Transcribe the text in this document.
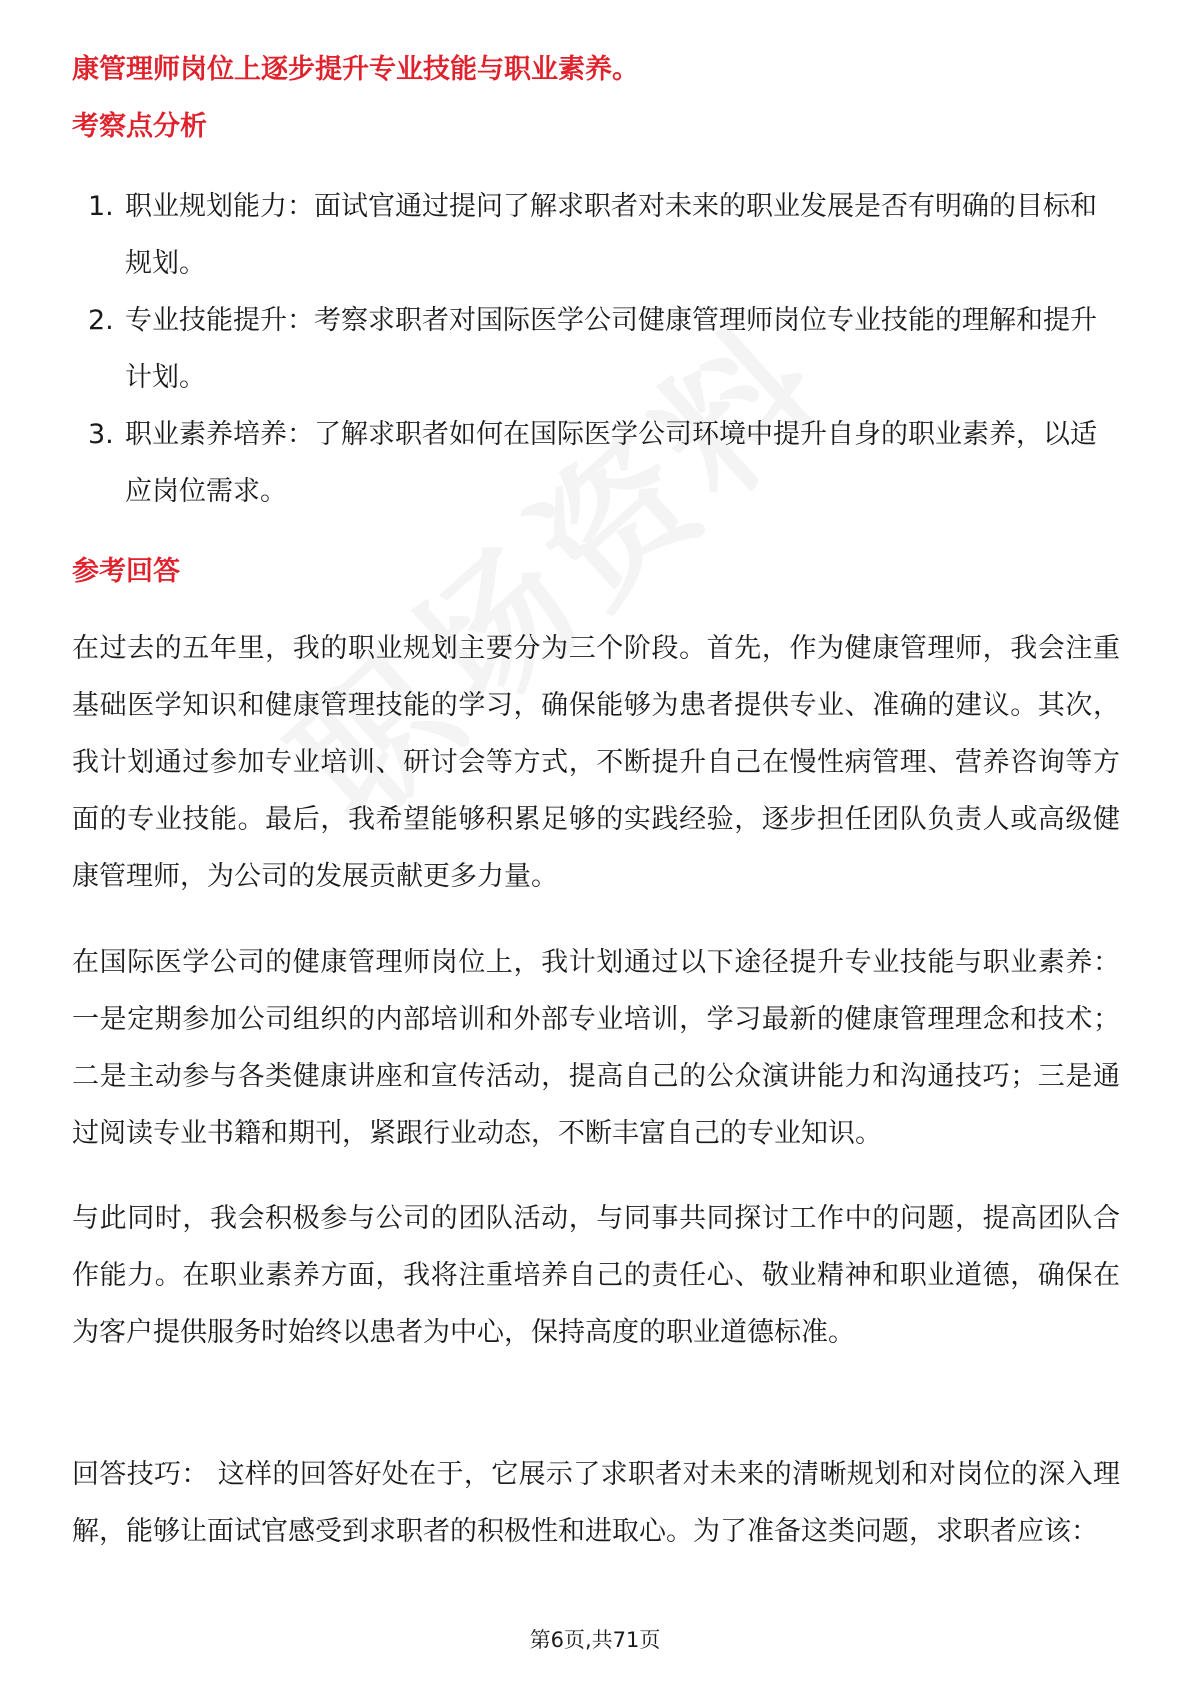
康管理师岗位上逐步提升专业技能与职业素养。

考察点分析
1. 职业规划能力：面试官通过提问了解求职者对未来的职业发展是否有明确的目标和规划。
2. 专业技能提升：考察求职者对国际医学公司健康管理师岗位专业技能的理解和提升计划。
3. 职业素养培养：了解求职者如何在国际医学公司环境中提升自身的职业素养，以适应岗位需求。
参考回答

在过去的五年里，我的职业规划主要分为三个阶段。首先，作为健康管理师，我会注重基础医学知识和健康管理技能的学习，确保能够为患者提供专业、准确的建议。其次，我计划通过参加专业培训、研讨会等方式，不断提升自己在慢性病管理、营养咨询等方面的专业技能。最后，我希望能够积累足够的实践经验，逐步担任团队负责人或高级健康管理师，为公司的发展贡献更多力量。

在国际医学公司的健康管理师岗位上，我计划通过以下途径提升专业技能与职业素养：一是定期参加公司组织的内部培训和外部专业培训，学习最新的健康管理理念和技术；二是主动参与各类健康讲座和宣传活动，提高自己的公众演讲能力和沟通技巧；三是通过阅读专业书籍和期刊，紧跟行业动态，不断丰富自己的专业知识。

与此同时，我会积极参与公司的团队活动，与同事共同探讨工作中的问题，提高团队合作能力。在职业素养方面，我将注重培养自己的责任心、敬业精神和职业道德，确保在为客户提供服务时始终以患者为中心，保持高度的职业道德标准。

回答技巧： 这样的回答好处在于，它展示了求职者对未来的清晰规划和对岗位的深入理解，能够让面试官感受到求职者的积极性和进取心。为了准备这类问题，求职者应该：

第6页,共71页
